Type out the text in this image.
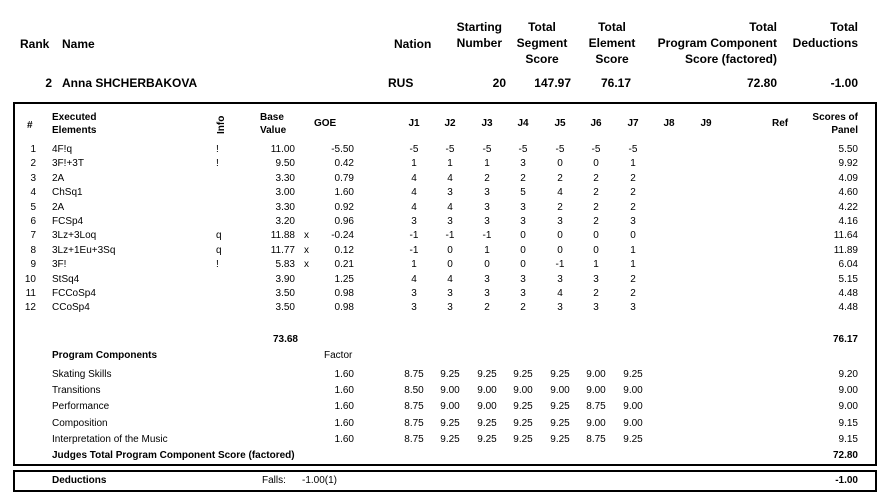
Rank Name	Nation
Starting
Number
Total
Segment
Score
Total
Element
Score
Total
Program Component
Score (factored)
Total
Deductions
2 Anna SHCHERBAKOVA	RUS	20	147.97	76.17	72.80	-1.00
#
Executed
Elements	Info	Base
Value
GOE	Ref
Scores of
Panel
J1	J2	J3	J4	J5	J6	J7	J8	J9
1 4F!q	!	11.00	-5.50	-5	-5	-5	-5	-5	-5	-5	5.50
2 3F!+3T	!	9.50	0.42	1	1	1	3	0	0	1	9.92
3 2A	3.30	0.79	4	4	2	2	2	2	2	4.09
4 ChSq1	3.00	1.60	4	3	3	5	4	2	2	4.60
5 2A	3.30	0.92	4	4	3	3	2	2	2	4.22
6 FCSp4	3.20	0.96	3	3	3	3	3	2	3	4.16
7 3Lz+3Loq	q	11.88 x	-0.24	-1	-1	-1	0	0	0	0	11.64
8 3Lz+1Eu+3Sq	q	11.77 x	0.12	-1	0	1	0	0	0	1	11.89
9 3F!	!	5.83 x	0.21	1	0	0	0	-1	1	1	6.04
10 StSq4	3.90	1.25	4	4	3	3	3	3	2	5.15
11 FCCoSp4	3.50	0.98	3	3	3	3	4	2	2	4.48
12 CCoSp4	3.50	0.98	3	3	2	2	3	3	3	4.48
73.68	76.17
Program Components	Factor
Skating Skills	1.60	8.75	9.25	9.25	9.25	9.25	9.00	9.25	9.20
Transitions	1.60	8.50	9.00	9.00	9.00	9.00	9.00	9.00	9.00
Performance	1.60	8.75	9.00	9.00	9.25	9.25	8.75	9.00	9.00
Composition	1.60	8.75	9.25	9.25	9.25	9.25	9.00	9.00	9.15
Interpretation of the Music	1.60	8.75	9.25	9.25	9.25	9.25	8.75	9.25	9.15
Judges Total Program Component Score (factored)	72.80
Deductions	Falls: -1.00(1)	-1.00
